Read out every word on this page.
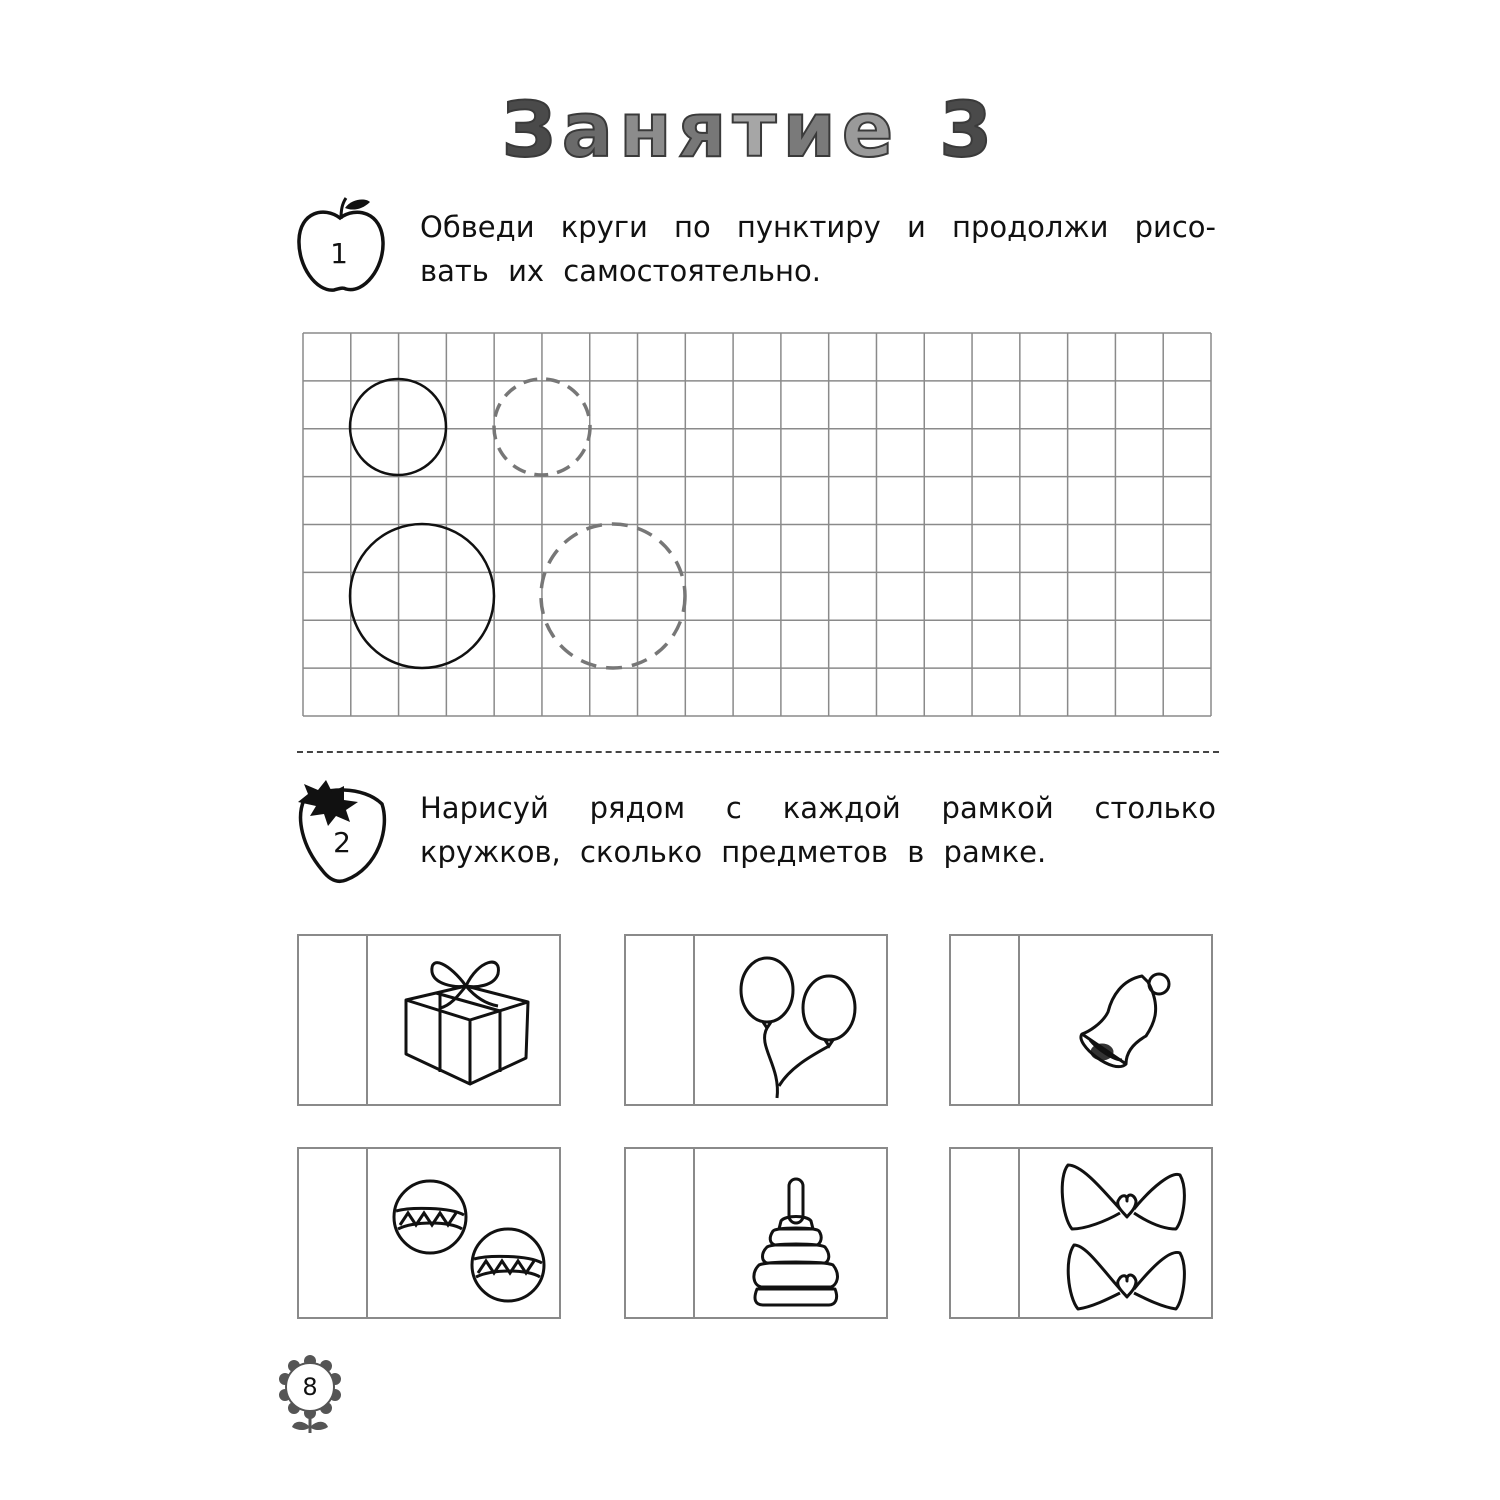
Занятие 3
1
Обведи круги по пунктиру и продолжи рисовать их самостоятельно.
2
Нарисуй рядом с каждой рамкой столько кружков, сколько предметов в рамке.
8
